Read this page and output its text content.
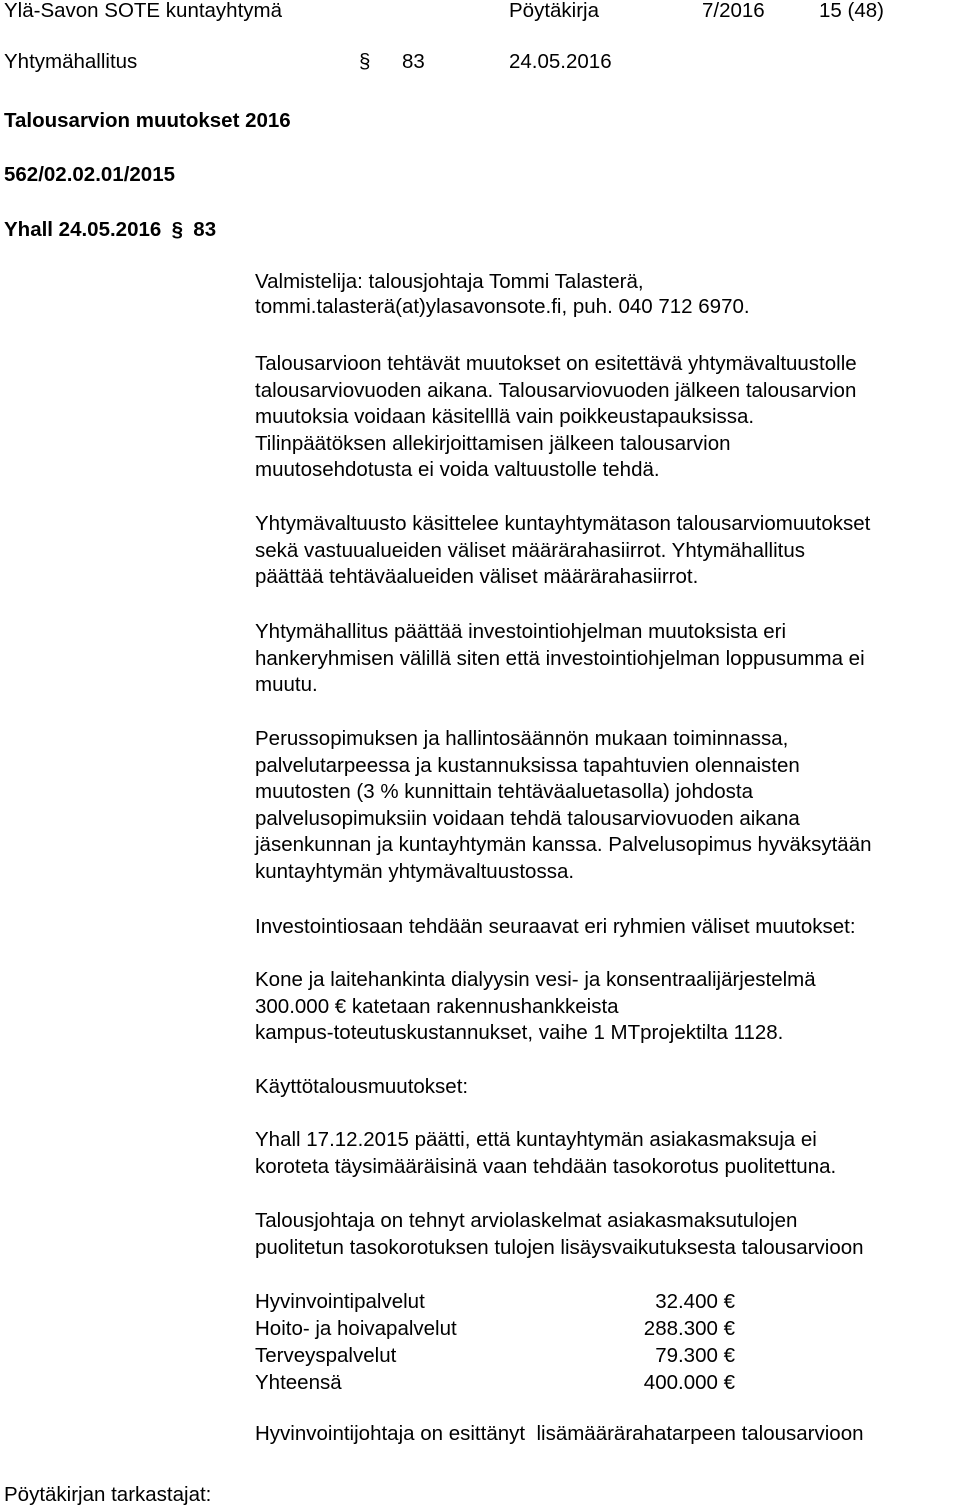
Ylä-Savon SOTE kuntayhtymä	Pöytäkirja	7/2016	15 (48)
Yhtymähallitus	§ 83	24.05.2016
Talousarvion muutokset 2016
562/02.02.01/2015
Yhall 24.05.2016 § 83
Valmistelija: talousjohtaja Tommi Talasterä,
tommi.talasterä(at)ylasavonsote.fi, puh. 040 712 6970.
Talousarvioon tehtävät muutokset on esitettävä yhtymävaltuustolle
talousarviovuoden aikana. Talousarviovuoden jälkeen talousarvion
muutoksia voidaan käsitelllä vain poikkeustapauksissa.
Tilinpäätöksen allekirjoittamisen jälkeen talousarvion
muutosehdotusta ei voida valtuustolle tehdä.
Yhtymävaltuusto käsittelee kuntayhtymätason talousarviomuutokset
sekä vastuualueiden väliset määrärahasiirrot. Yhtymähallitus
päättää tehtäväalueiden väliset määrärahasiirrot.
Yhtymähallitus päättää investointiohjelman muutoksista eri
hankeryhmisen välillä siten että investointiohjelman loppusumma ei
muutu.
Perussopimuksen ja hallintosäännön mukaan toiminnassa,
palvelutarpeessa ja kustannuksissa tapahtuvien olennaisten
muutosten (3 % kunnittain tehtäväaluetasolla) johdosta
palvelusopimuksiin voidaan tehdä talousarviovuoden aikana
jäsenkunnan ja kuntayhtymän kanssa. Palvelusopimus hyväksytään
kuntayhtymän yhtymävaltuustossa.
Investointiosaan tehdään seuraavat eri ryhmien väliset muutokset:
Kone ja laitehankinta dialyysin vesi- ja konsentraalijärjestelmä
300.000 € katetaan rakennushankkeista
kampus-toteutuskustannukset, vaihe 1 MTprojektilta 1128.
Käyttötalousmuutokset:
Yhall 17.12.2015 päätti, että kuntayhtymän asiakasmaksuja ei
koroteta täysimääräisinä vaan tehdään tasokorotus puolitettuna.
Talousjohtaja on tehnyt arviolaskelmat asiakasmaksutulojen
puolitetun tasokorotuksen tulojen lisäysvaikutuksesta talousarvioon
Hyvinvointipalvelut	32.400 €
Hoito- ja hoivapalvelut	288.300 €
Terveyspalvelut	79.300 €
Yhteensä	400.000 €
Hyvinvointijohtaja on esittänyt  lisämäärärahatarpeen talousarvioon
Pöytäkirjan tarkastajat:
